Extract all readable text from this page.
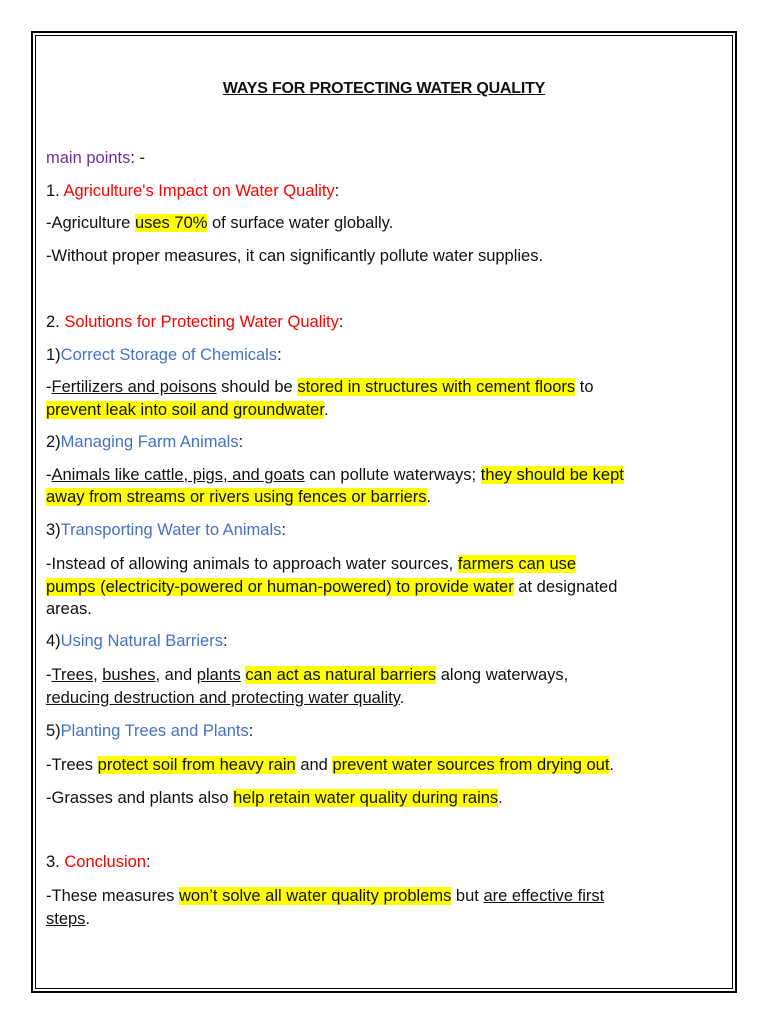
WAYS FOR PROTECTING WATER QUALITY
main points: -
1. Agriculture's Impact on Water Quality:
-Agriculture uses 70% of surface water globally.
-Without proper measures, it can significantly pollute water supplies.
2. Solutions for Protecting Water Quality:
1)Correct Storage of Chemicals:
-Fertilizers and poisons should be stored in structures with cement floors to
prevent leak into soil and groundwater.
2)Managing Farm Animals:
-Animals like cattle, pigs, and goats can pollute waterways; they should be kept
away from streams or rivers using fences or barriers.
3)Transporting Water to Animals:
-Instead of allowing animals to approach water sources, farmers can use
pumps (electricity-powered or human-powered) to provide water at designated
areas.
4)Using Natural Barriers:
-Trees, bushes, and plants can act as natural barriers along waterways,
reducing destruction and protecting water quality.
5)Planting Trees and Plants:
-Trees protect soil from heavy rain and prevent water sources from drying out.
-Grasses and plants also help retain water quality during rains.
3. Conclusion:
-These measures won’t solve all water quality problems but are effective first
steps.
